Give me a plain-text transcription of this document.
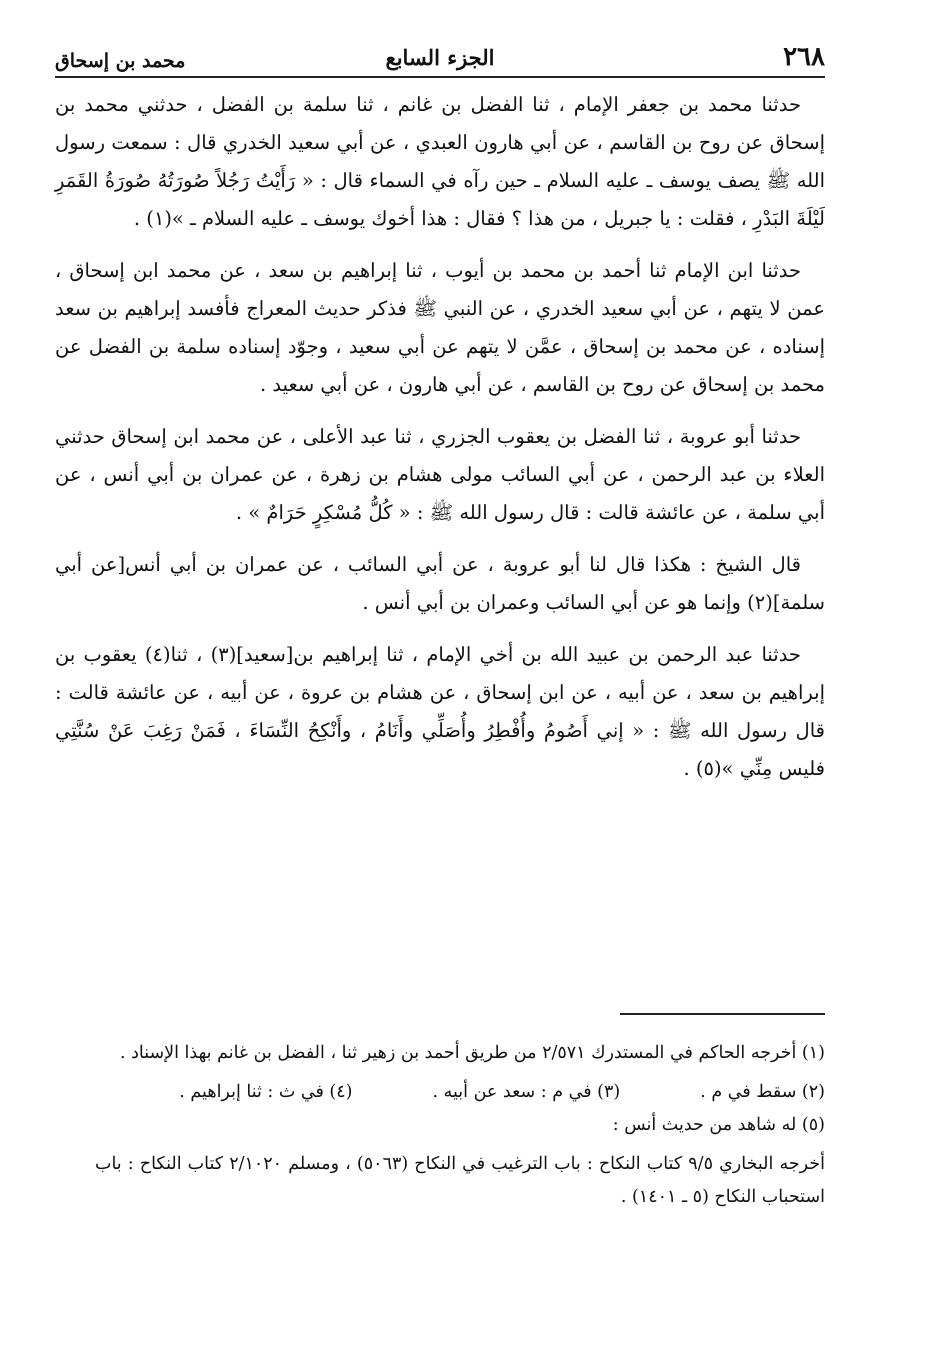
٢٦٨
الجزء السابع
محمد بن إسحاق

حدثنا محمد بن جعفر الإمام ، ثنا الفضل بن غانم ، ثنا سلمة بن الفضل ، حدثني محمد بن إسحاق عن روح بن القاسم ، عن أبي هارون العبدي ، عن أبي سعيد الخدري قال : سمعت رسول الله ﷺ يصف يوسف ـ عليه السلام ـ حين رآه في السماء قال : « رَأَيْتُ رَجُلاً صُورَتُهُ صُورَةُ القَمَرِ لَيْلَةَ البَدْرِ ، فقلت : يا جبريل ، من هذا ؟ فقال : هذا أخوك يوسف ـ عليه السلام ـ »(١) .

حدثنا ابن الإمام ثنا أحمد بن محمد بن أيوب ، ثنا إبراهيم بن سعد ، عن محمد ابن إسحاق ، عمن لا يتهم ، عن أبي سعيد الخدري ، عن النبي ﷺ فذكر حديث المعراج فأفسد إبراهيم بن سعد إسناده ، عن محمد بن إسحاق ، عمَّن لا يتهم عن أبي سعيد ، وجوّد إسناده سلمة بن الفضل عن محمد بن إسحاق عن روح بن القاسم ، عن أبي هارون ، عن أبي سعيد .

حدثنا أبو عروبة ، ثنا الفضل بن يعقوب الجزري ، ثنا عبد الأعلى ، عن محمد ابن إسحاق حدثني العلاء بن عبد الرحمن ، عن أبي السائب مولى هشام بن زهرة ، عن عمران بن أبي أنس ، عن أبي سلمة ، عن عائشة قالت : قال رسول الله ﷺ : « كُلُّ مُسْكِرٍ حَرَامٌ » .

قال الشيخ : هكذا قال لنا أبو عروبة ، عن أبي السائب ، عن عمران بن أبي أنس[عن أبي سلمة](٢) وإنما هو عن أبي السائب وعمران بن أبي أنس .

حدثنا عبد الرحمن بن عبيد الله بن أخي الإمام ، ثنا إبراهيم بن[سعيد](٣) ، ثنا(٤) يعقوب بن إبراهيم بن سعد ، عن أبيه ، عن ابن إسحاق ، عن هشام بن عروة ، عن أبيه ، عن عائشة قالت : قال رسول الله ﷺ : « إني أَصُومُ وأُفْطِرُ وأُصَلِّي وأَنَامُ ، وأَنْكِحُ النِّسَاءَ ، فَمَنْ رَغِبَ عَنْ سُنَّتِي فليس مِنِّي »(٥) .

(١) أخرجه الحاكم في المستدرك ٢/٥٧١ من طريق أحمد بن زهير ثنا ، الفضل بن غانم بهذا الإسناد .

(٢) سقط في م .
(٣) في م : سعد عن أبيه .
(٤) في ث : ثنا إبراهيم .

(٥) له شاهد من حديث أنس :

أخرجه البخاري ٩/٥ كتاب النكاح : باب الترغيب في النكاح (٥٠٦٣) ، ومسلم ٢/١٠٢٠ كتاب النكاح : باب استحباب النكاح (٥ ـ ١٤٠١) .
